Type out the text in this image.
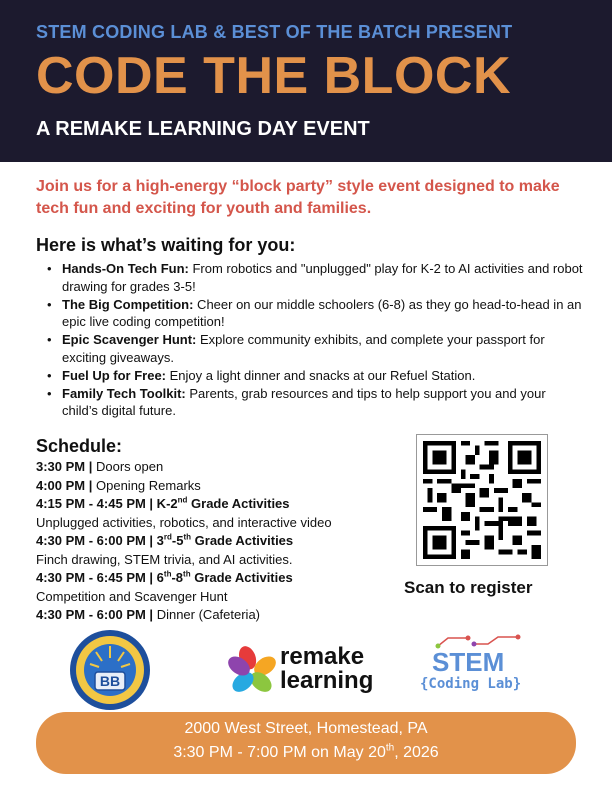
STEM CODING LAB & BEST OF THE BATCH PRESENT
CODE THE BLOCK
A REMAKE LEARNING DAY EVENT
Join us for a high-energy “block party” style event designed to make tech fun and exciting for youth and families.
Here is what’s waiting for you:
• Hands-On Tech Fun: From robotics and "unplugged" play for K-2 to AI activities and robot drawing for grades 3-5!
• The Big Competition: Cheer on our middle schoolers (6-8) as they go head-to-head in an epic live coding competition!
• Epic Scavenger Hunt: Explore community exhibits, and complete your passport for exciting giveaways.
• Fuel Up for Free: Enjoy a light dinner and snacks at our Refuel Station.
• Family Tech Toolkit: Parents, grab resources and tips to help support you and your child’s digital future.
Schedule:
3:30 PM | Doors open
4:00 PM | Opening Remarks
4:15 PM - 4:45 PM | K-2nd Grade Activities
Unplugged activities, robotics, and interactive video
4:30 PM - 6:00 PM | 3rd-5th Grade Activities
Finch drawing, STEM trivia, and AI activities.
4:30 PM - 6:45 PM | 6th-8th Grade Activities
Competition and Scavenger Hunt
4:30 PM - 6:00 PM | Dinner (Cafeteria)
Scan to register
BB
remake
learning
STEM
{Coding Lab}
2000 West Street, Homestead, PA
3:30 PM - 7:00 PM on May 20th, 2026
